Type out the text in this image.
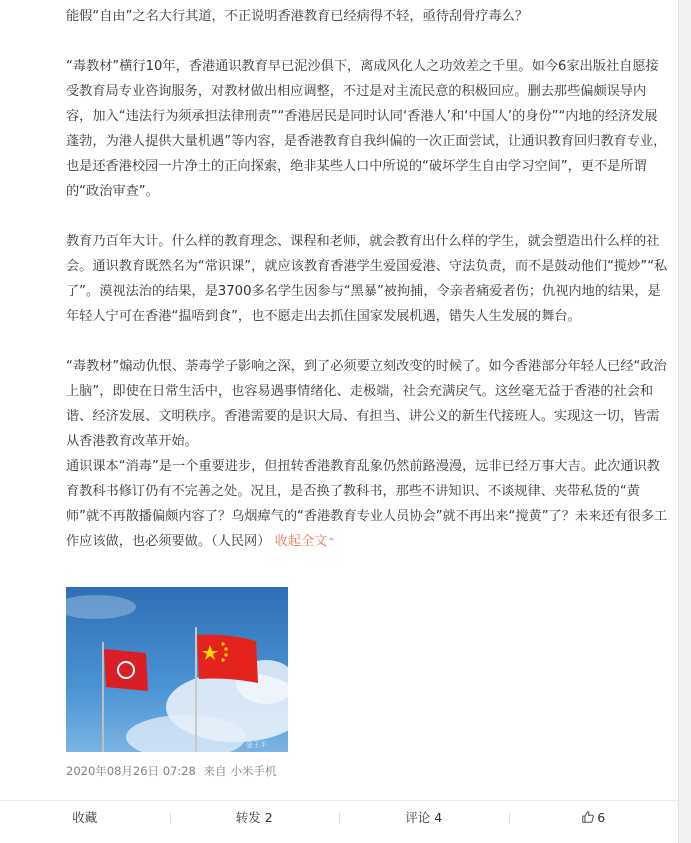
能假“自由”之名大行其道，不正说明香港教育已经病得不轻，亟待刮骨疗毒么？

“毒教材”横行10年，香港通识教育早已泥沙俱下，离成风化人之功效差之千里。如今6家出版社自愿接受教育局专业咨询服务，对教材做出相应调整，不过是对主流民意的积极回应。删去那些偏颇误导内容，加入“违法行为须承担法律刑责”“香港居民是同时认同‘香港人’和‘中国人’的身份”“内地的经济发展蓬勃，为港人提供大量机遇”等内容，是香港教育自我纠偏的一次正面尝试，让通识教育回归教育专业，也是还香港校园一片净土的正向探索，绝非某些人口中所说的“破坏学生自由学习空间”，更不是所谓的“政治审查”。

教育乃百年大计。什么样的教育理念、课程和老师，就会教育出什么样的学生，就会塑造出什么样的社会。通识教育既然名为“常识课”，就应该教育香港学生爱国爱港、守法负责，而不是鼓动他们“揽炒”“私了”。漠视法治的结果，是3700多名学生因参与“黑暴”被拘捕，令亲者痛爱者伤；仇视内地的结果，是年轻人宁可在香港“揾唔到食”，也不愿走出去抓住国家发展机遇，错失人生发展的舞台。

“毒教材”煽动仇恨、荼毒学子影响之深，到了必须要立刻改变的时候了。如今香港部分年轻人已经“政治上脑”，即使在日常生活中，也容易遇事情绪化、走极端，社会充满戾气。这丝毫无益于香港的社会和谐、经济发展、文明秩序。香港需要的是识大局、有担当、讲公义的新生代接班人。实现这一切，皆需从香港教育改革开始。

通识课本“消毒”是一个重要进步，但扭转香港教育乱象仍然前路漫漫，远非已经万事大吉。此次通识教育教科书修订仍有不完善之处。况且，是否换了教科书，那些不讲知识、不谈规律、夹带私货的“黄师”就不再散播偏颇内容了？乌烟瘴气的“香港教育专业人员协会”就不再出来“搅黄”了？未来还有很多工作应该做，也必须要做。（人民网） 收起全文⌃

@王平
2020年08月26日 07:28 来自 小米手机
收藏	转发 2	评论 4	6
